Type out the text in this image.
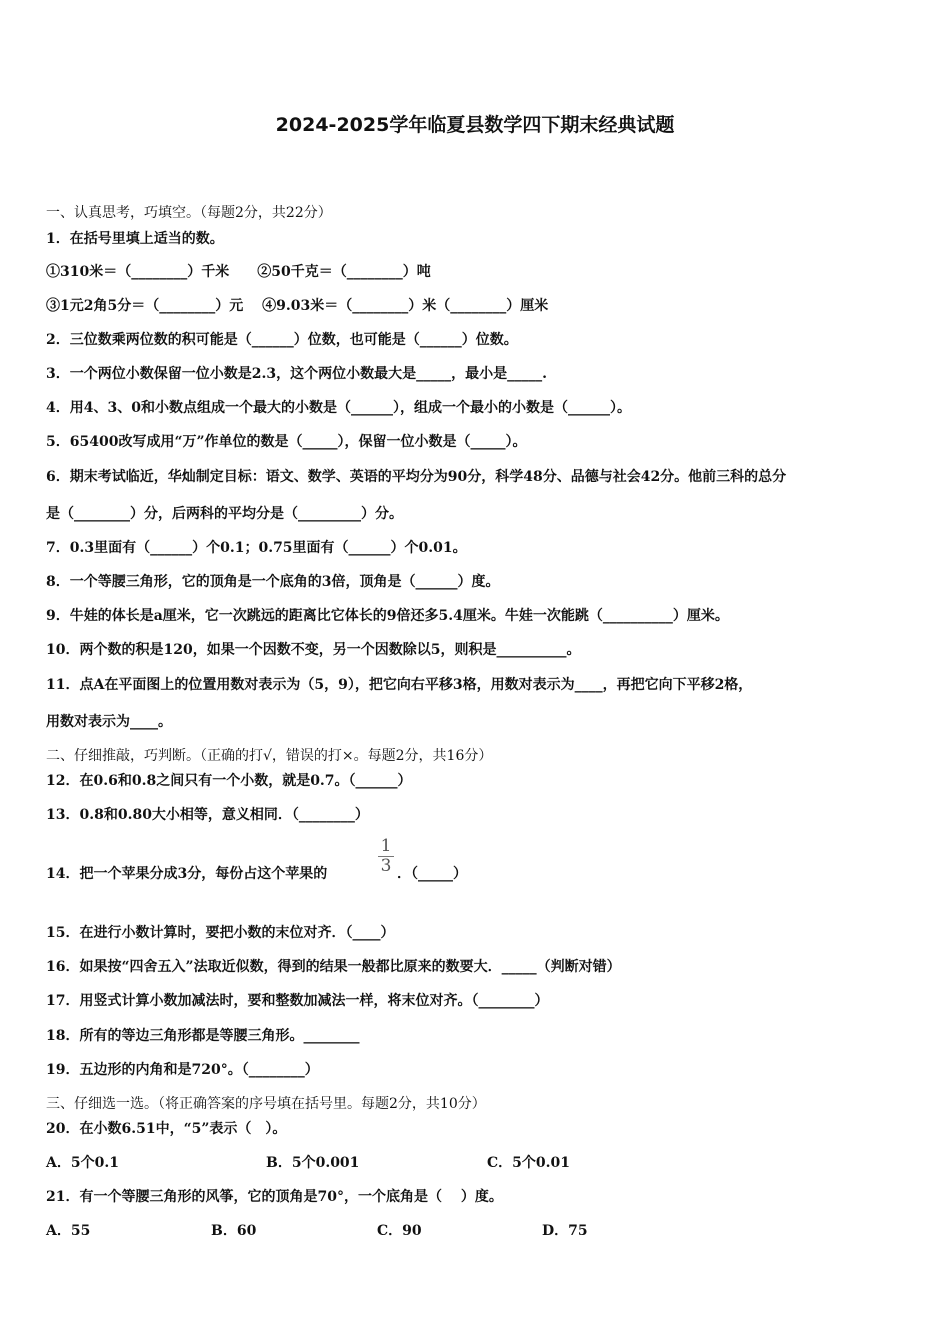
2024-2025学年临夏县数学四下期末经典试题
一、认真思考，巧填空。（每题2分，共22分）
1．在括号里填上适当的数。
①310米＝（________）千米　　②50千克＝（________）吨
③1元2角5分＝（________）元　 ④9.03米＝（________）米（________）厘米
2．三位数乘两位数的积可能是（______）位数，也可能是（______）位数。
3．一个两位小数保留一位小数是2.3，这个两位小数最大是_____，最小是_____.
4．用4、3、0和小数点组成一个最大的小数是（______），组成一个最小的小数是（______）。
5．65400改写成用“万”作单位的数是（_____），保留一位小数是（_____）。
6．期末考试临近，华灿制定目标：语文、数学、英语的平均分为90分，科学48分、品德与社会42分。他前三科的总分
是（________）分，后两科的平均分是（_________）分。
7．0.3里面有（______）个0.1；0.75里面有（______）个0.01。
8．一个等腰三角形，它的顶角是一个底角的3倍，顶角是（______）度。
9．牛娃的体长是a厘米，它一次跳远的距离比它体长的9倍还多5.4厘米。牛娃一次能跳（__________）厘米。
10．两个数的积是120，如果一个因数不变，另一个因数除以5，则积是__________。
11．点A在平面图上的位置用数对表示为（5，9），把它向右平移3格，用数对表示为____，再把它向下平移2格，
用数对表示为____。
二、仔细推敲，巧判断。（正确的打√，错误的打×。每题2分，共16分）
12．在0.6和0.8之间只有一个小数，就是0.7。（______）
13．0.8和0.80大小相等，意义相同．（________）
14．把一个苹果分成3分，每份占这个苹果的
1
3 ．（_____）
15．在进行小数计算时，要把小数的末位对齐．（____）
16．如果按“四舍五入”法取近似数，得到的结果一般都比原来的数要大．_____（判断对错）
17．用竖式计算小数加减法时，要和整数加减法一样，将末位对齐。（________）
18．所有的等边三角形都是等腰三角形。________
19．五边形的内角和是720°。（________）
三、仔细选一选。（将正确答案的序号填在括号里。每题2分，共10分）
20．在小数6.51中，“5”表示（　）。
A．5个0.1	B．5个0.001	C．5个0.01
21．有一个等腰三角形的风筝，它的顶角是70°，一个底角是（　 ）度。
A．55	B．60	C．90	D．75
